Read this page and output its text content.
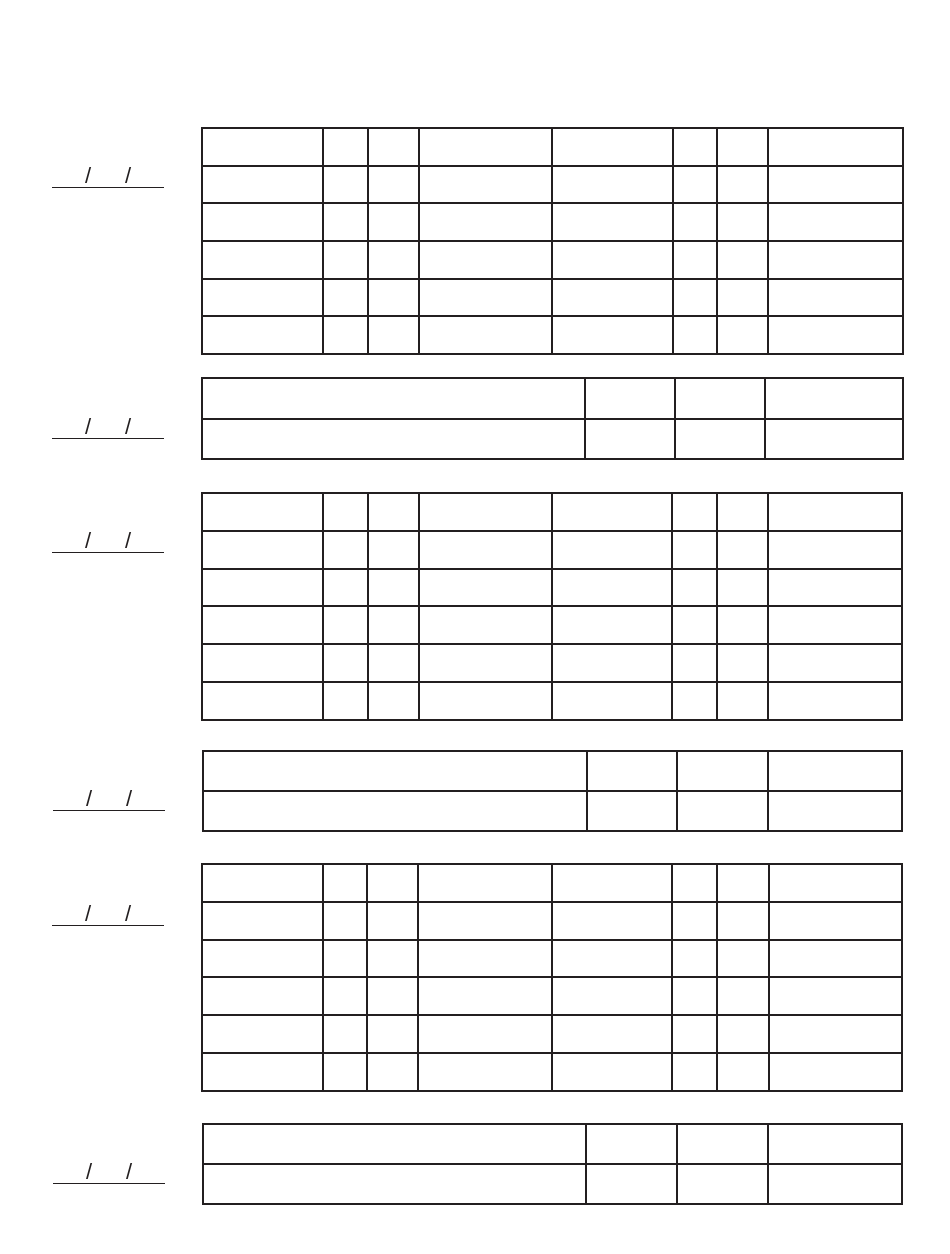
/ /

/ /

/ /

/ /

/ /

/ /
